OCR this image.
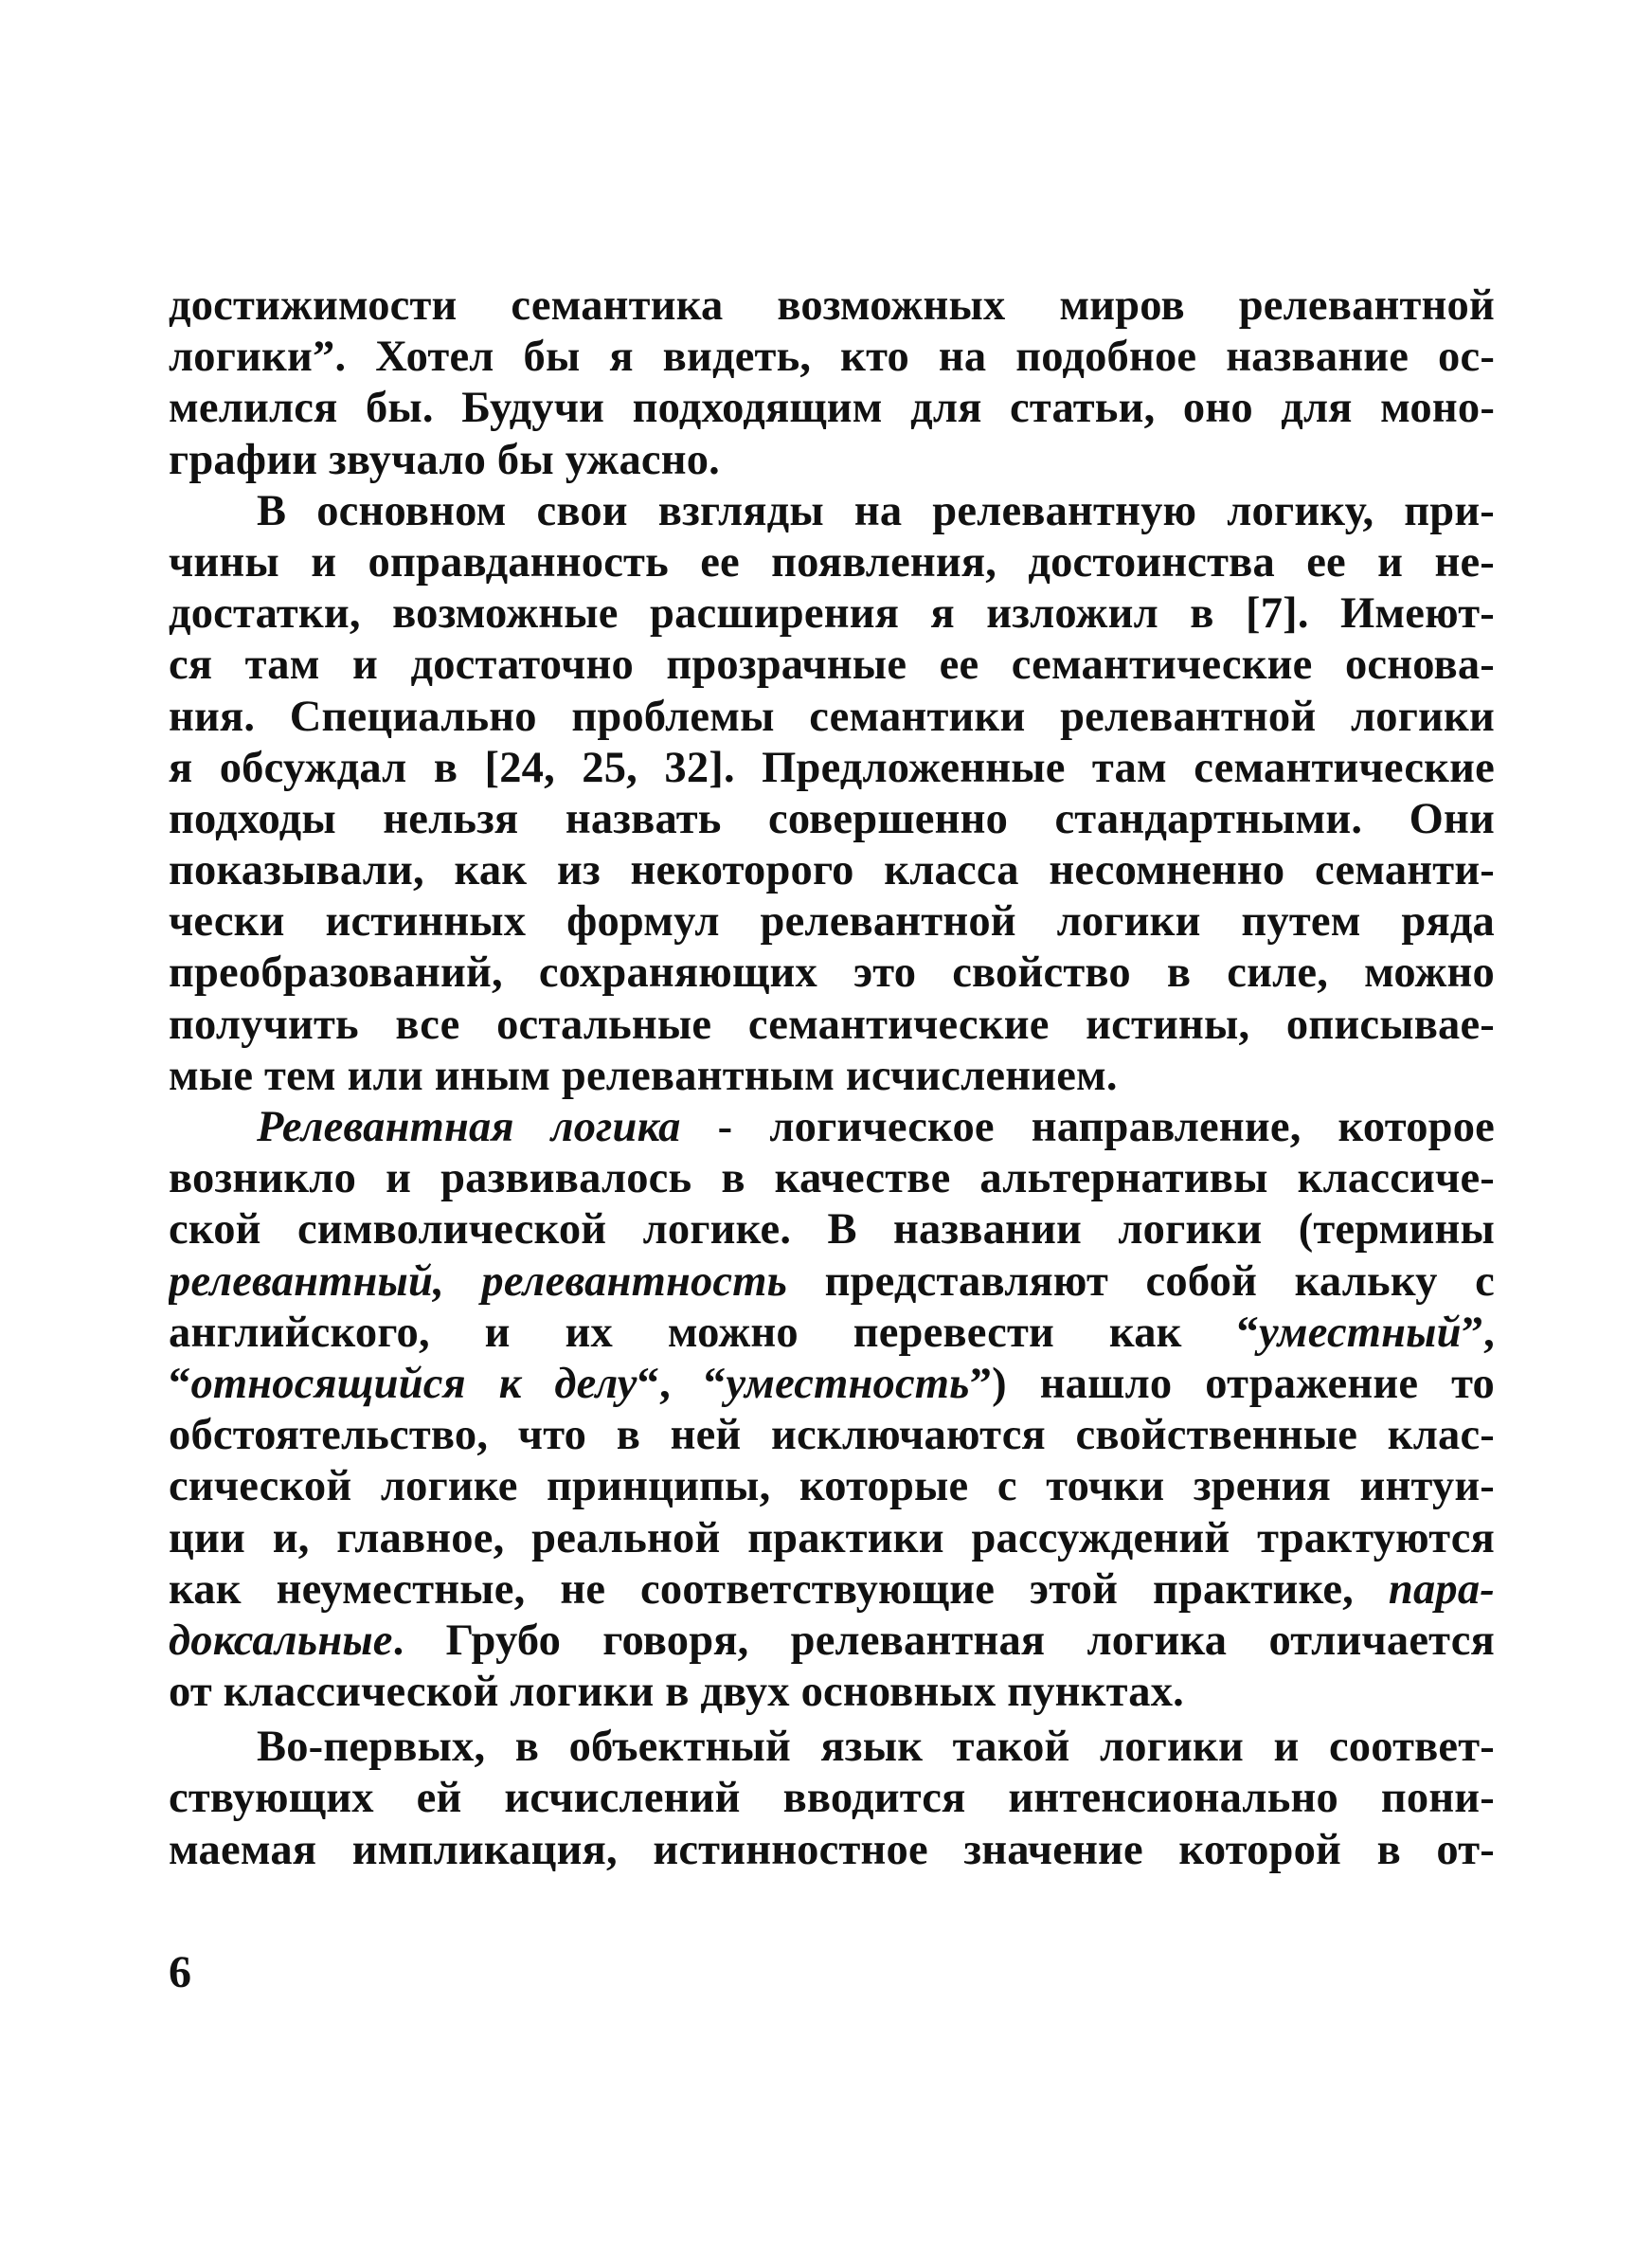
достижимости семантика возможных миров релевантной
логики”. Хотел бы я видеть, кто на подобное название ос-
мелился бы. Будучи подходящим для статьи, оно для моно-
графии звучало бы ужасно.
В основном свои взгляды на релевантную логику, при-
чины и оправданность ее появления, достоинства ее и не-
достатки, возможные расширения я изложил в [7]. Имеют-
ся там и достаточно прозрачные ее семантические основа-
ния. Специально проблемы семантики релевантной логики
я обсуждал в [24, 25, 32]. Предложенные там семантические
подходы нельзя назвать совершенно стандартными. Они
показывали, как из некоторого класса несомненно семанти-
чески истинных формул релевантной логики путем ряда
преобразований, сохраняющих это свойство в силе, можно
получить все остальные семантические истины, описывае-
мые тем или иным релевантным исчислением.
Релевантная логика - логическое направление, которое
возникло и развивалось в качестве альтернативы классиче-
ской символической логике. В названии логики (термины
релевантный, релевантность представляют собой кальку с
английского, и их можно перевести как “уместный”,
“относящийся к делу“, “уместность”) нашло отражение то
обстоятельство, что в ней исключаются свойственные клас-
сической логике принципы, которые с точки зрения интуи-
ции и, главное, реальной практики рассуждений трактуются
как неуместные, не соответствующие этой практике, пара-
доксальные. Грубо говоря, релевантная логика отличается
от классической логики в двух основных пунктах.
Во-первых, в объектный язык такой логики и соответ-
ствующих ей исчислений вводится интенсионально пони-
маемая импликация, истинностное значение которой в от-
6
